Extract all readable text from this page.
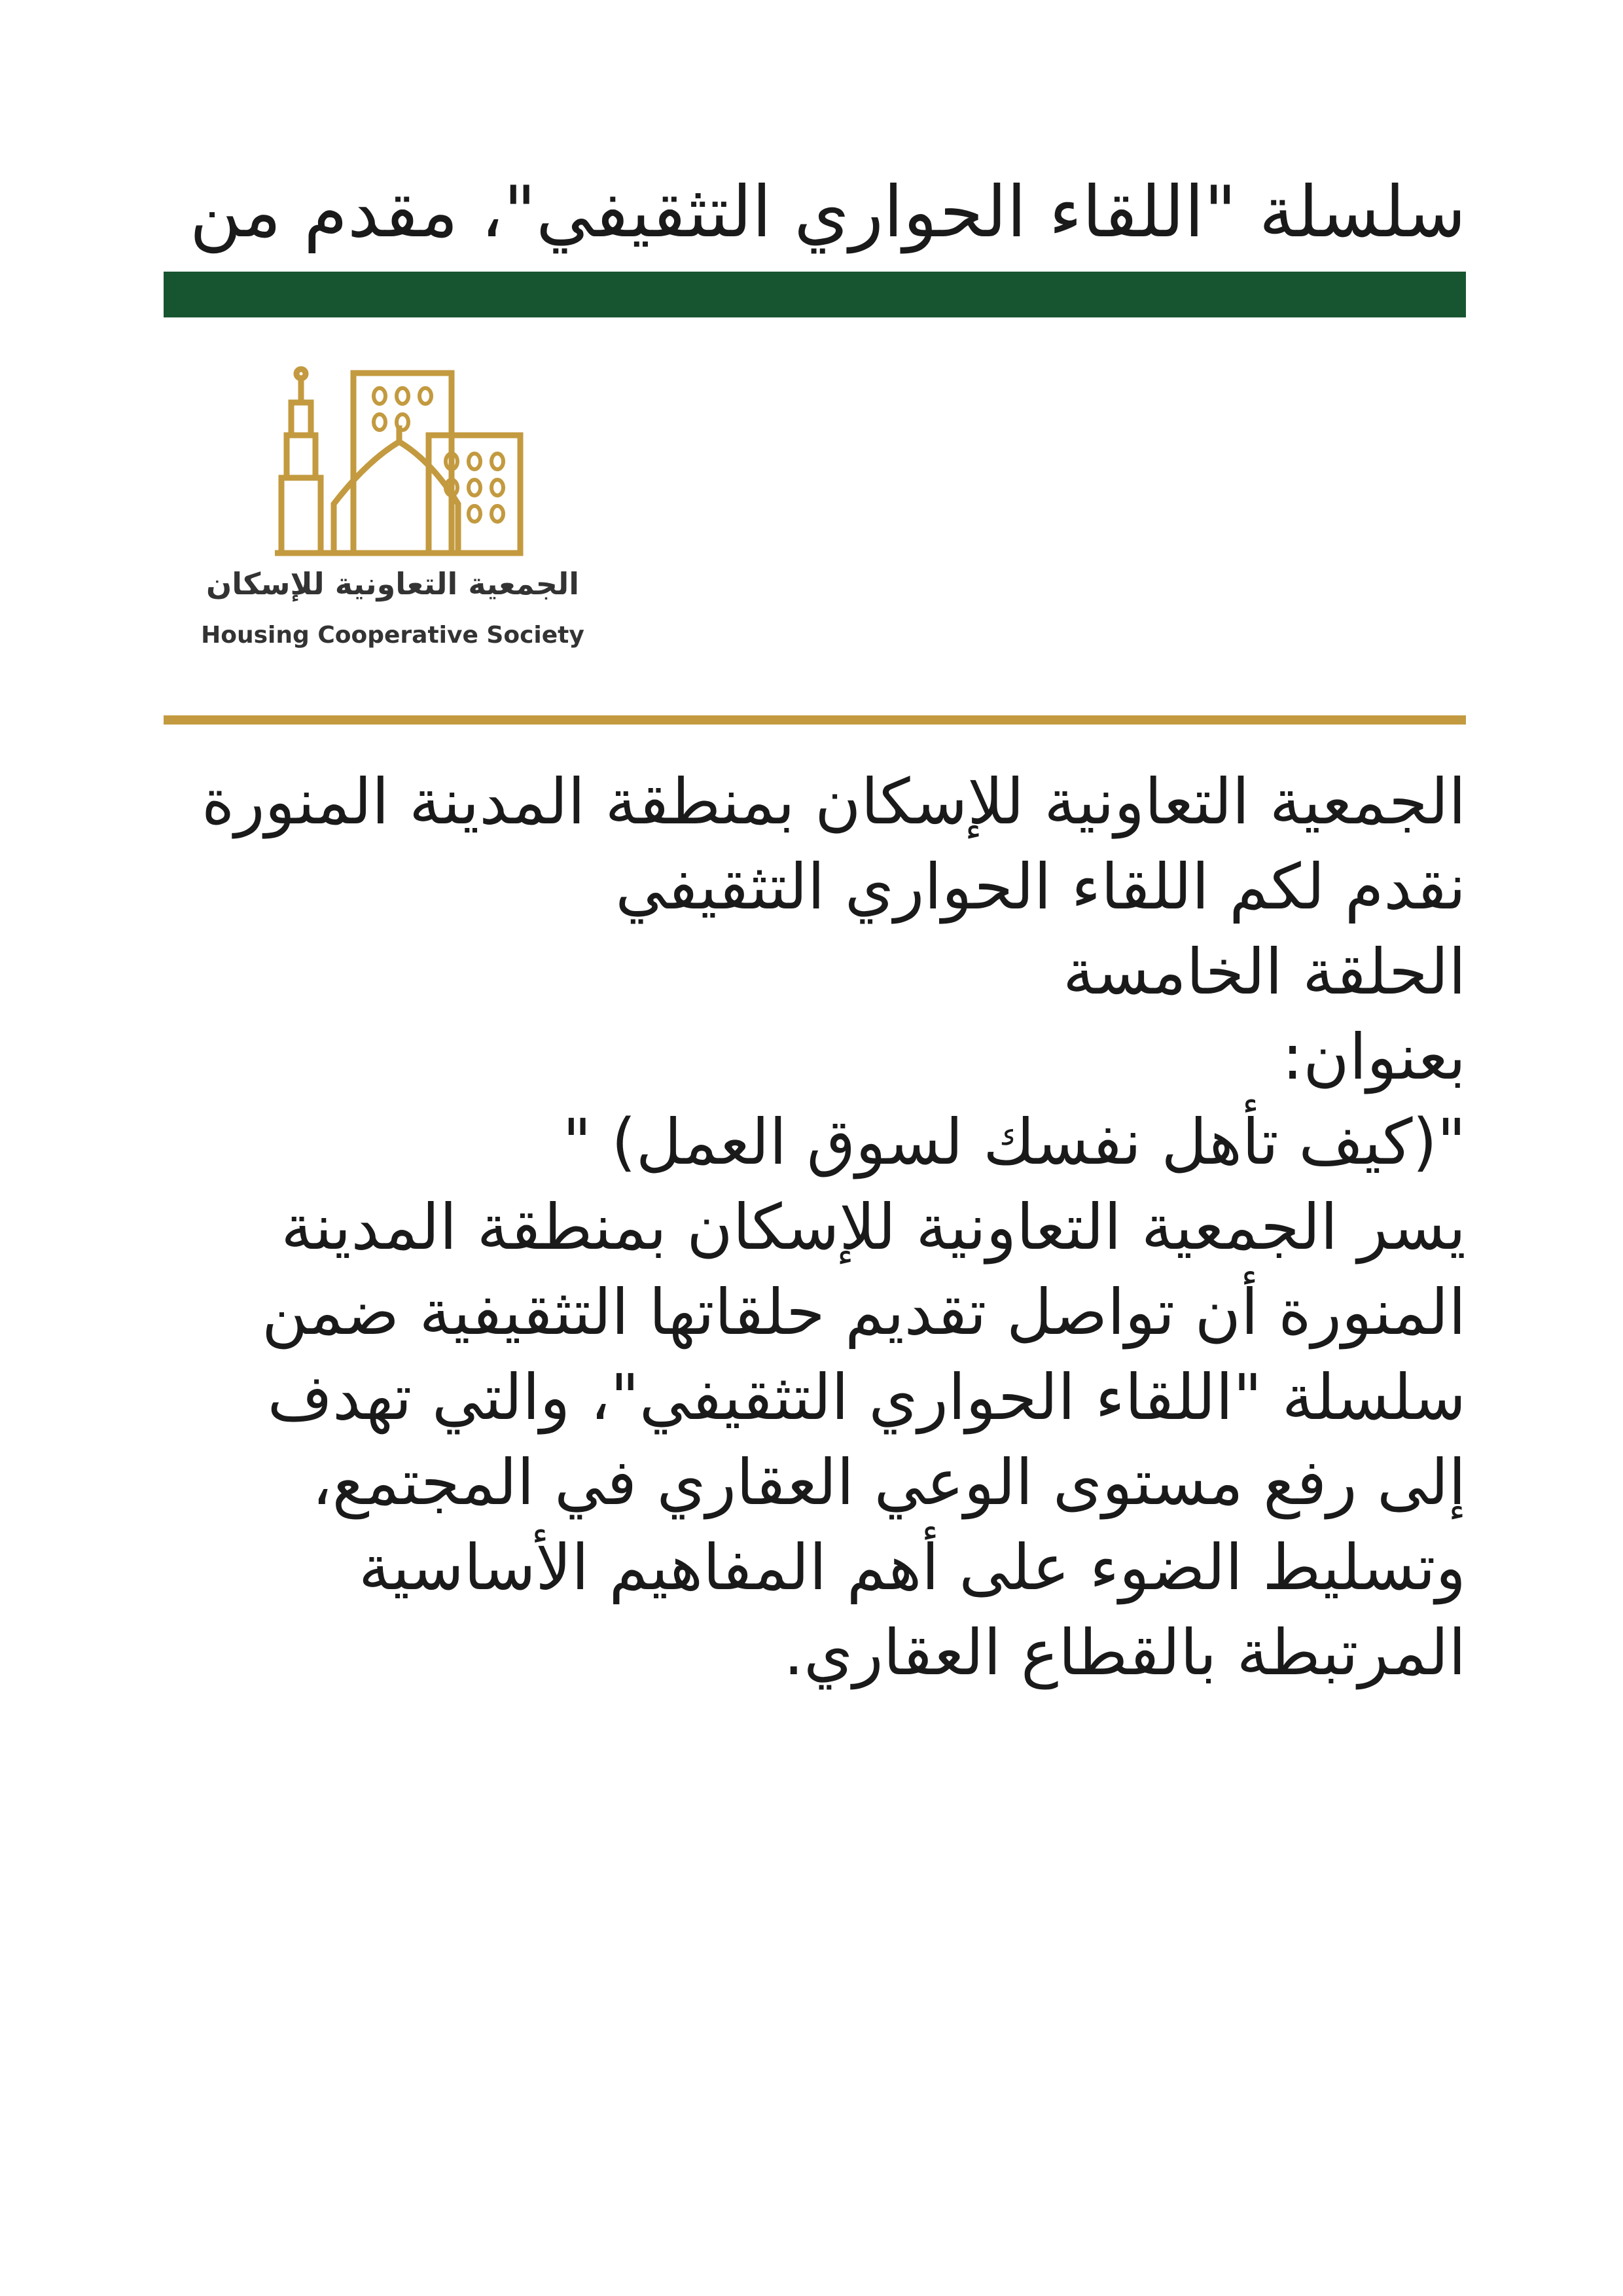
سلسلة "اللقاء الحواري التثقيفي"، مقدم من
الجمعية التعاونية للإسكان
Housing Cooperative Society
الجمعية التعاونية للإسكان بمنطقة المدينة المنورة
نقدم لكم اللقاء الحواري التثقيفي
الحلقة الخامسة
بعنوان:
"(كيف تأهل نفسك لسوق العمل) "
يسر الجمعية التعاونية للإسكان بمنطقة المدينة
المنورة أن تواصل تقديم حلقاتها التثقيفية ضمن
سلسلة "اللقاء الحواري التثقيفي"، والتي تهدف
إلى رفع مستوى الوعي العقاري في المجتمع،
وتسليط الضوء على أهم المفاهيم الأساسية
المرتبطة بالقطاع العقاري.
